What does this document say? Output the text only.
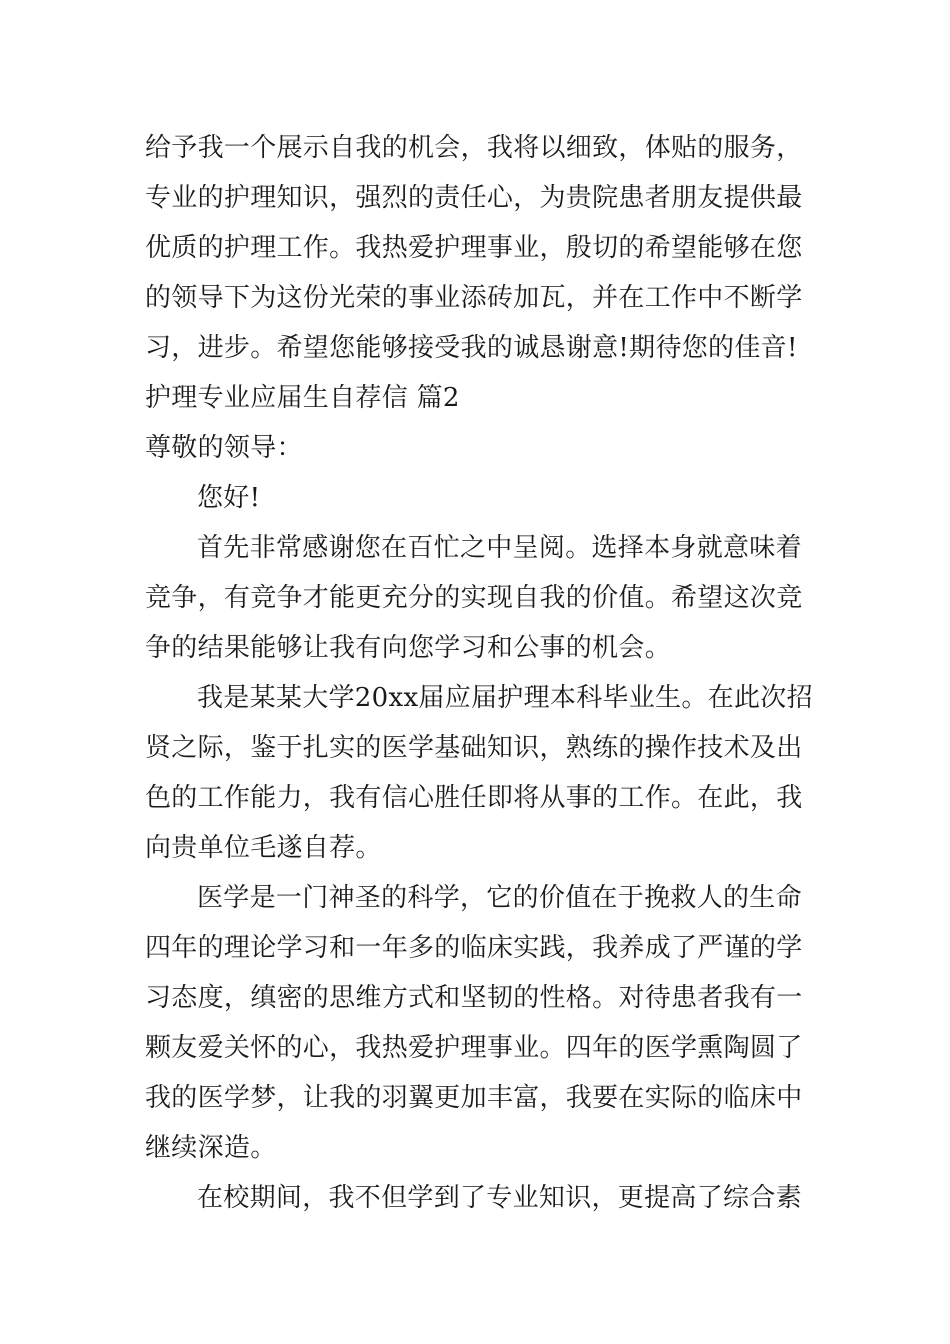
给予我一个展示自我的机会，我将以细致，体贴的服务，
专业的护理知识，强烈的责任心，为贵院患者朋友提供最
优质的护理工作。我热爱护理事业，殷切的希望能够在您
的领导下为这份光荣的事业添砖加瓦，并在工作中不断学
习，进步。希望您能够接受我的诚恳谢意!期待您的佳音!
护理专业应届生自荐信 篇2
尊敬的领导：
您好!
首先非常感谢您在百忙之中呈阅。选择本身就意味着
竞争，有竞争才能更充分的实现自我的价值。希望这次竞
争的结果能够让我有向您学习和公事的机会。
我是某某大学20xx届应届护理本科毕业生。在此次招
贤之际，鉴于扎实的医学基础知识，熟练的操作技术及出
色的工作能力，我有信心胜任即将从事的工作。在此，我
向贵单位毛遂自荐。
医学是一门神圣的科学，它的价值在于挽救人的生命
四年的理论学习和一年多的临床实践，我养成了严谨的学
习态度，缜密的思维方式和坚韧的性格。对待患者我有一
颗友爱关怀的心，我热爱护理事业。四年的医学熏陶圆了
我的医学梦，让我的羽翼更加丰富，我要在实际的临床中
继续深造。
在校期间，我不但学到了专业知识，更提高了综合素
